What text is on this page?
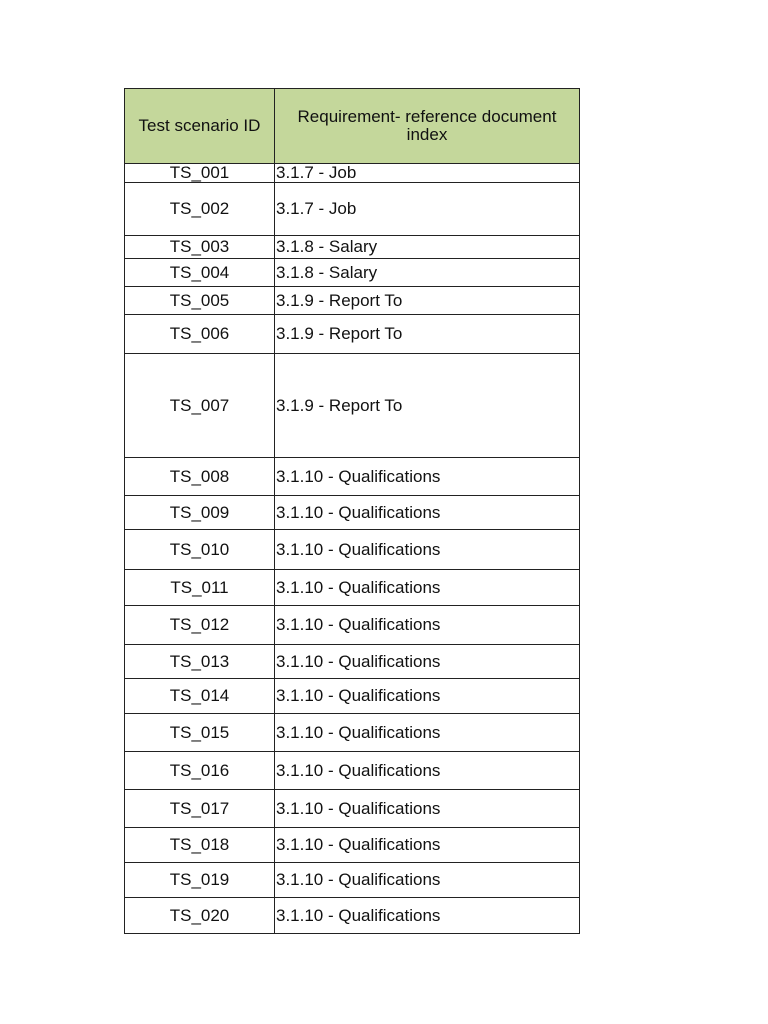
Test scenario ID	Requirement- reference document index
TS_001	3.1.7 - Job
TS_002	3.1.7 - Job
TS_003	3.1.8 - Salary
TS_004	3.1.8 - Salary
TS_005	3.1.9 - Report To
TS_006	3.1.9 - Report To
TS_007	3.1.9 - Report To
TS_008	3.1.10 - Qualifications
TS_009	3.1.10 - Qualifications
TS_010	3.1.10 - Qualifications
TS_011	3.1.10 - Qualifications
TS_012	3.1.10 - Qualifications
TS_013	3.1.10 - Qualifications
TS_014	3.1.10 - Qualifications
TS_015	3.1.10 - Qualifications
TS_016	3.1.10 - Qualifications
TS_017	3.1.10 - Qualifications
TS_018	3.1.10 - Qualifications
TS_019	3.1.10 - Qualifications
TS_020	3.1.10 - Qualifications
